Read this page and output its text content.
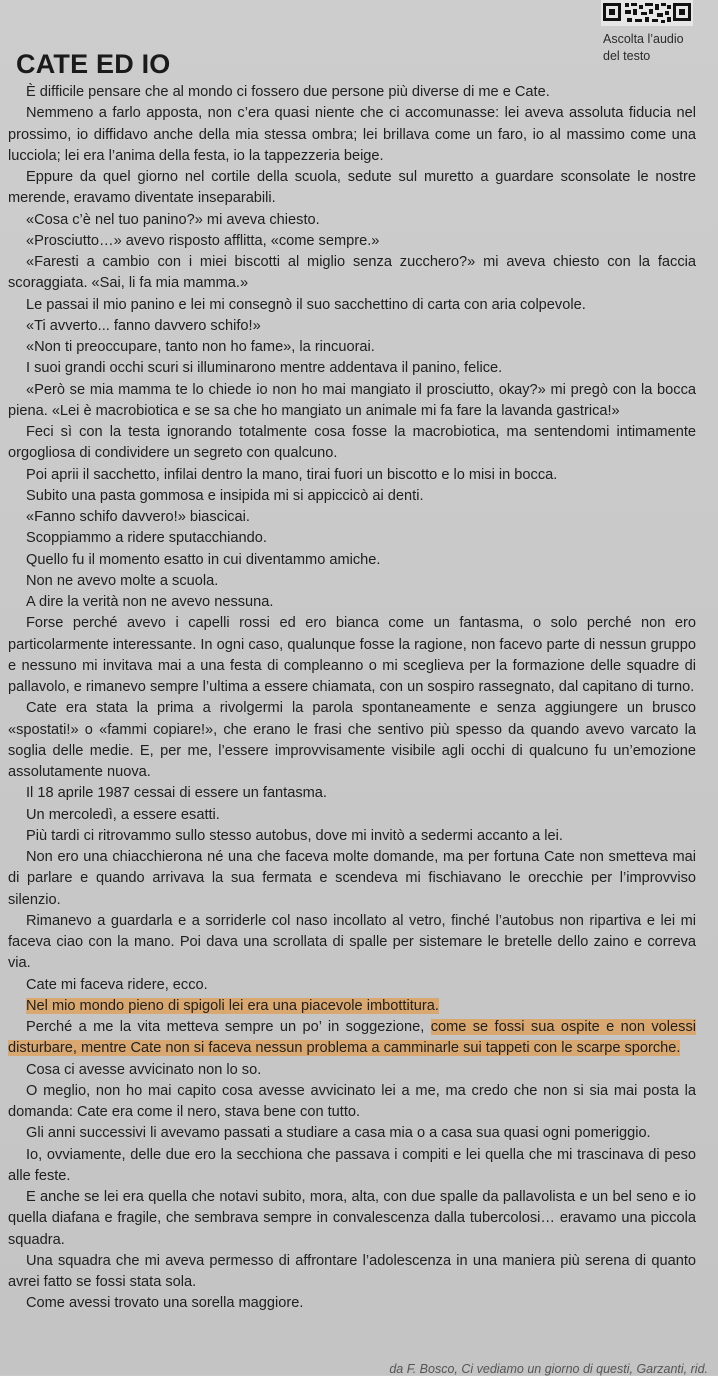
Ascolta l’audio
del testo
CATE ED IO

È difficile pensare che al mondo ci fossero due persone più diverse di me e Cate.

Nemmeno a farlo apposta, non c’era quasi niente che ci accomunasse: lei aveva assoluta fiducia nel prossimo, io diffidavo anche della mia stessa ombra; lei brillava come un faro, io al massimo come una lucciola; lei era l’anima della festa, io la tappezzeria beige.

Eppure da quel giorno nel cortile della scuola, sedute sul muretto a guardare sconsolate le nostre merende, eravamo diventate inseparabili.

«Cosa c’è nel tuo panino?» mi aveva chiesto.

«Prosciutto…» avevo risposto afflitta, «come sempre.»

«Faresti a cambio con i miei biscotti al miglio senza zucchero?» mi aveva chiesto con la faccia scoraggiata. «Sai, li fa mia mamma.»

Le passai il mio panino e lei mi consegnò il suo sacchettino di carta con aria colpevole.

«Ti avverto... fanno davvero schifo!»

«Non ti preoccupare, tanto non ho fame», la rincuorai.

I suoi grandi occhi scuri si illuminarono mentre addentava il panino, felice.

«Però se mia mamma te lo chiede io non ho mai mangiato il prosciutto, okay?» mi pregò con la bocca piena. «Lei è macrobiotica e se sa che ho mangiato un animale mi fa fare la lavanda gastrica!»

Feci sì con la testa ignorando totalmente cosa fosse la macrobiotica, ma sentendomi intimamente orgogliosa di condividere un segreto con qualcuno.

Poi aprii il sacchetto, infilai dentro la mano, tirai fuori un biscotto e lo misi in bocca.

Subito una pasta gommosa e insipida mi si appiccicò ai denti.

«Fanno schifo davvero!» biascicai.

Scoppiammo a ridere sputacchiando.

Quello fu il momento esatto in cui diventammo amiche.

Non ne avevo molte a scuola.

A dire la verità non ne avevo nessuna.

Forse perché avevo i capelli rossi ed ero bianca come un fantasma, o solo perché non ero particolarmente interessante. In ogni caso, qualunque fosse la ragione, non facevo parte di nessun gruppo e nessuno mi invitava mai a una festa di compleanno o mi sceglieva per la formazione delle squadre di pallavolo, e rimanevo sempre l’ultima a essere chiamata, con un sospiro rassegnato, dal capitano di turno.

Cate era stata la prima a rivolgermi la parola spontaneamente e senza aggiungere un brusco «spostati!» o «fammi copiare!», che erano le frasi che sentivo più spesso da quando avevo varcato la soglia delle medie. E, per me, l’essere improvvisamente visibile agli occhi di qualcuno fu un’emozione assolutamente nuova.

Il 18 aprile 1987 cessai di essere un fantasma.

Un mercoledì, a essere esatti.

Più tardi ci ritrovammo sullo stesso autobus, dove mi invitò a sedermi accanto a lei.

Non ero una chiacchierona né una che faceva molte domande, ma per fortuna Cate non smetteva mai di parlare e quando arrivava la sua fermata e scendeva mi fischiavano le orecchie per l’improvviso silenzio.

Rimanevo a guardarla e a sorriderle col naso incollato al vetro, finché l’autobus non ripartiva e lei mi faceva ciao con la mano. Poi dava una scrollata di spalle per sistemare le bretelle dello zaino e correva via.

Cate mi faceva ridere, ecco.

Nel mio mondo pieno di spigoli lei era una piacevole imbottitura.

Perché a me la vita metteva sempre un po’ in soggezione, come se fossi sua ospite e non volessi disturbare, mentre Cate non si faceva nessun problema a camminarle sui tappeti con le scarpe sporche.

Cosa ci avesse avvicinato non lo so.

O meglio, non ho mai capito cosa avesse avvicinato lei a me, ma credo che non si sia mai posta la domanda: Cate era come il nero, stava bene con tutto.

Gli anni successivi li avevamo passati a studiare a casa mia o a casa sua quasi ogni pomeriggio.

Io, ovviamente, delle due ero la secchiona che passava i compiti e lei quella che mi trascinava di peso alle feste.

E anche se lei era quella che notavi subito, mora, alta, con due spalle da pallavolista e un bel seno e io quella diafana e fragile, che sembrava sempre in convalescenza dalla tubercolosi… eravamo una piccola squadra.

Una squadra che mi aveva permesso di affrontare l’adolescenza in una maniera più serena di quanto avrei fatto se fossi stata sola.

Come avessi trovato una sorella maggiore.

da F. Bosco, Ci vediamo un giorno di questi, Garzanti, rid.
